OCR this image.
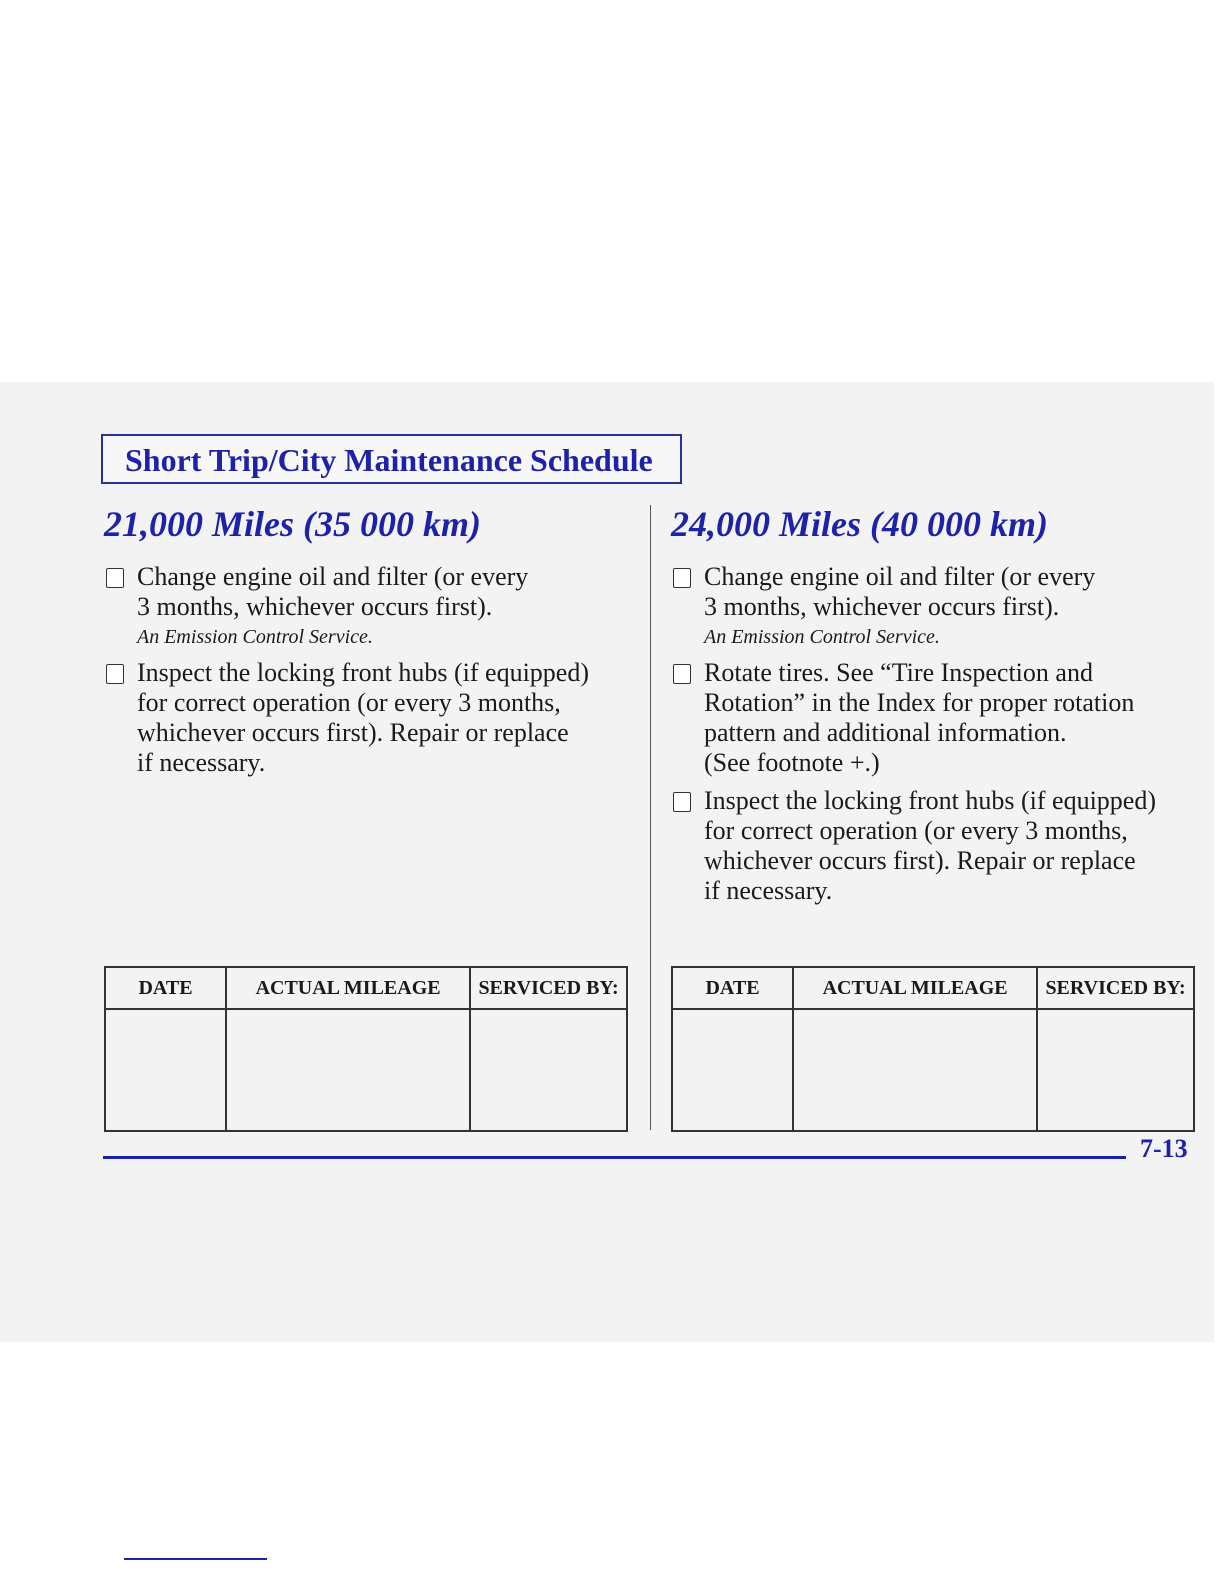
Short Trip/City Maintenance Schedule
21,000 Miles (35 000 km)
Change engine oil and filter (or every
3 months, whichever occurs first).
An Emission Control Service.
Inspect the locking front hubs (if equipped)
for correct operation (or every 3 months,
whichever occurs first). Repair or replace
if necessary.
24,000 Miles (40 000 km)
Change engine oil and filter (or every
3 months, whichever occurs first).
An Emission Control Service.
Rotate tires. See “Tire Inspection and
Rotation” in the Index for proper rotation
pattern and additional information.
(See footnote +.)
Inspect the locking front hubs (if equipped)
for correct operation (or every 3 months,
whichever occurs first). Repair or replace
if necessary.
DATE	ACTUAL MILEAGE	SERVICED BY:
			DATE	ACTUAL MILEAGE	SERVICED BY:

7-13
